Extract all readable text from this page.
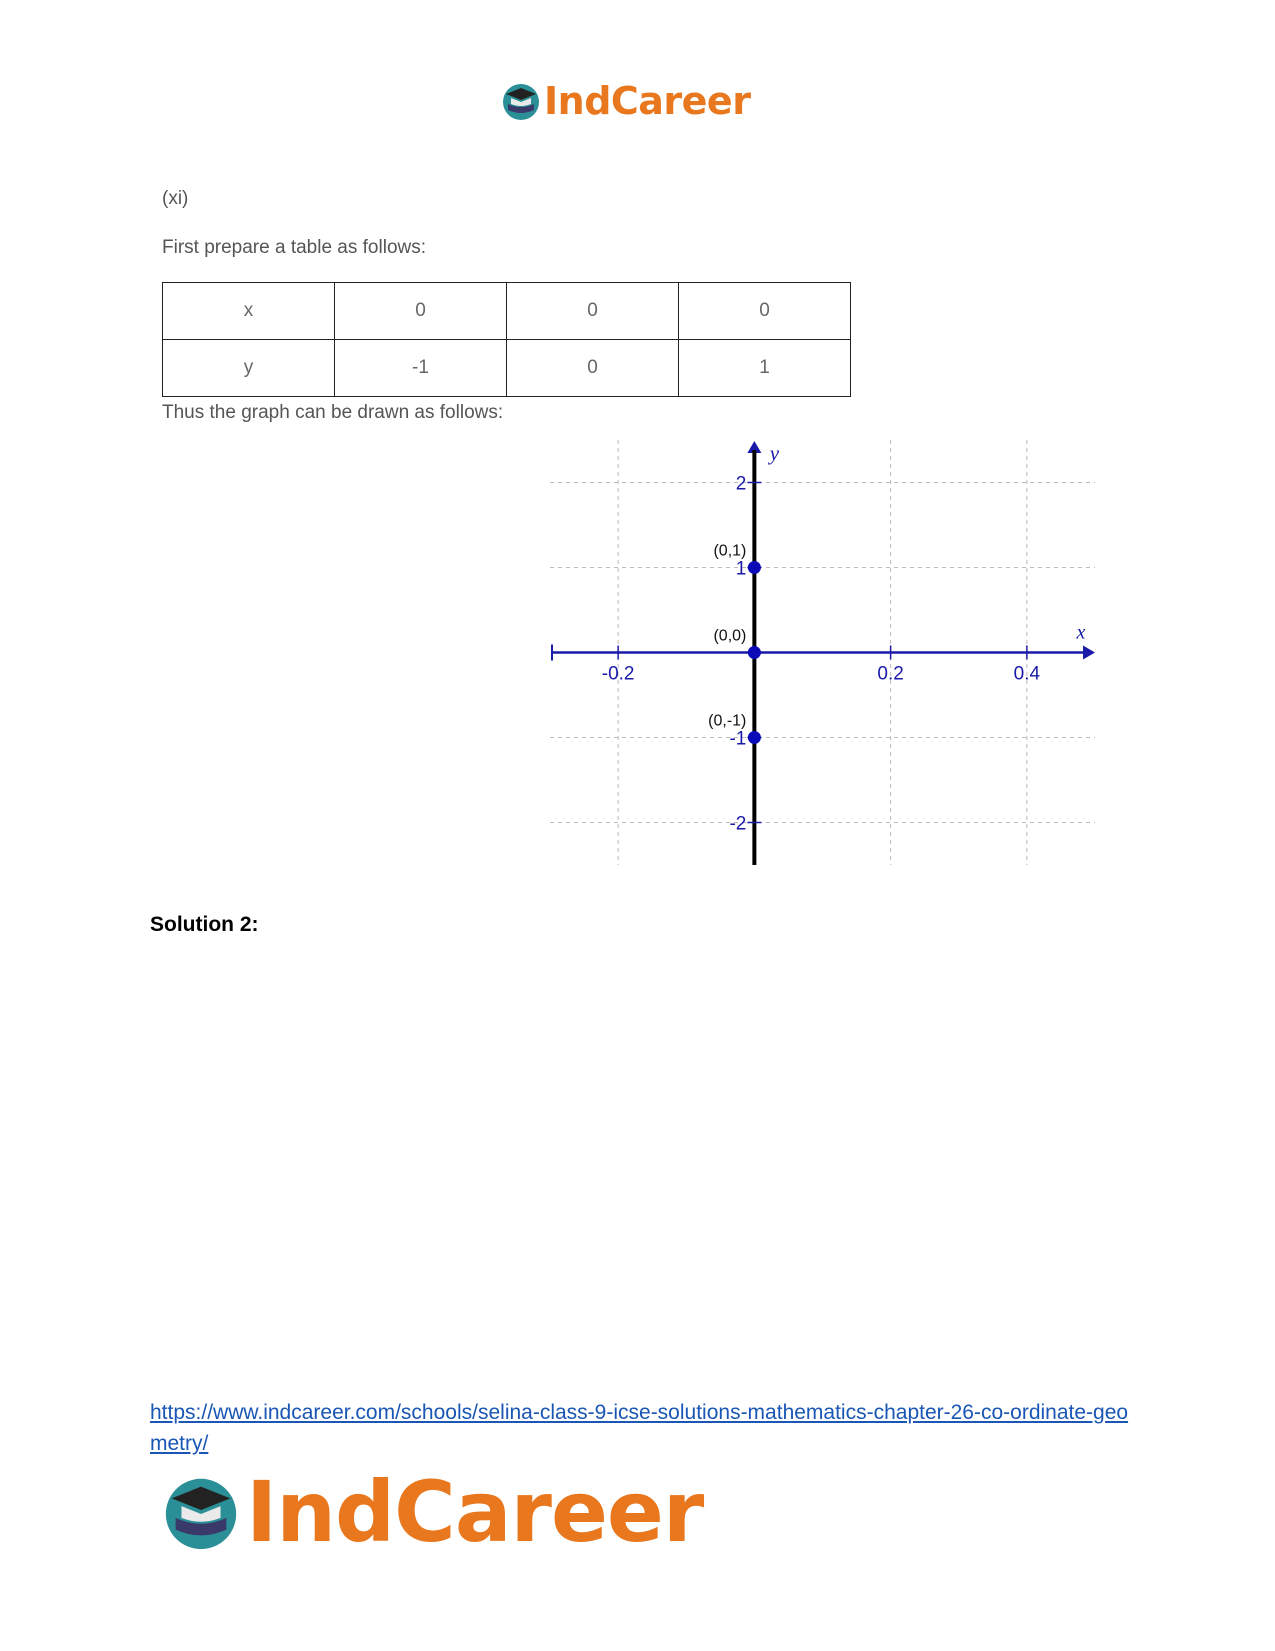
IndCareer
(xi)
First prepare a table as follows:
x	0	0	0
y	-1	0	1
Thus the graph can be drawn as follows:
-0.2	0.2	0.4
2
1
-1
-2
x
y
(0,1)
(0,0)
(0,-1)
Solution 2:
https://www.indcareer.com/schools/selina-class-9-icse-solutions-mathematics-chapter-26-co-ordinate-geometry/
IndCareer
